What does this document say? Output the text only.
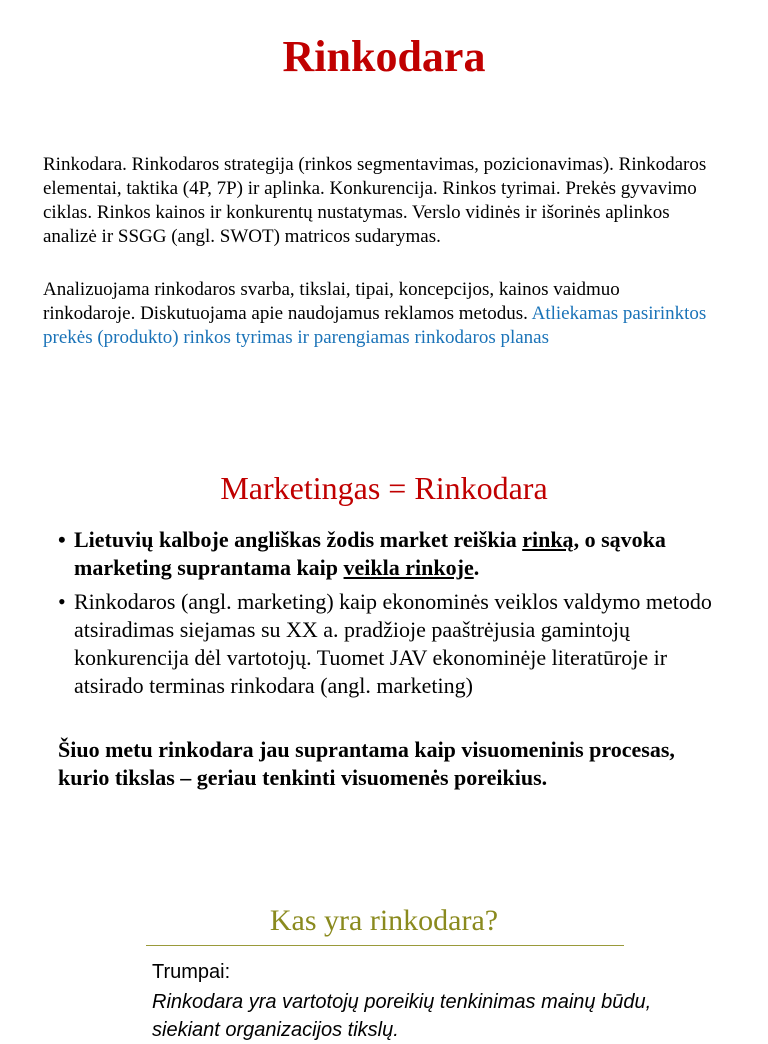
Rinkodara

Rinkodara. Rinkodaros strategija (rinkos segmentavimas, pozicionavimas). Rinkodaros elementai, taktika (4P, 7P) ir aplinka. Konkurencija. Rinkos tyrimai. Prekės gyvavimo ciklas. Rinkos kainos ir konkurentų nustatymas. Verslo vidinės ir išorinės aplinkos analizė ir SSGG (angl. SWOT) matricos sudarymas.

Analizuojama rinkodaros svarba, tikslai, tipai, koncepcijos, kainos vaidmuo rinkodaroje. Diskutuojama apie naudojamus reklamos metodus. Atliekamas pasirinktos prekės (produkto) rinkos tyrimas ir parengiamas rinkodaros planas

Marketingas = Rinkodara
• Lietuvių kalboje angliškas žodis market reiškia rinką, o sąvoka marketing suprantama kaip veikla rinkoje.
• Rinkodaros (angl. marketing) kaip ekonominės veiklos valdymo metodo atsiradimas siejamas su XX a. pradžioje paaštrėjusia gamintojų konkurencija dėl vartotojų. Tuomet JAV ekonominėje literatūroje ir atsirado terminas rinkodara (angl. marketing)

Šiuo metu rinkodara jau suprantama kaip visuomeninis procesas, kurio tikslas – geriau tenkinti visuomenės poreikius.

Kas yra rinkodara?
Trumpai:
Rinkodara yra vartotojų poreikių tenkinimas mainų būdu, siekiant organizacijos tikslų.
